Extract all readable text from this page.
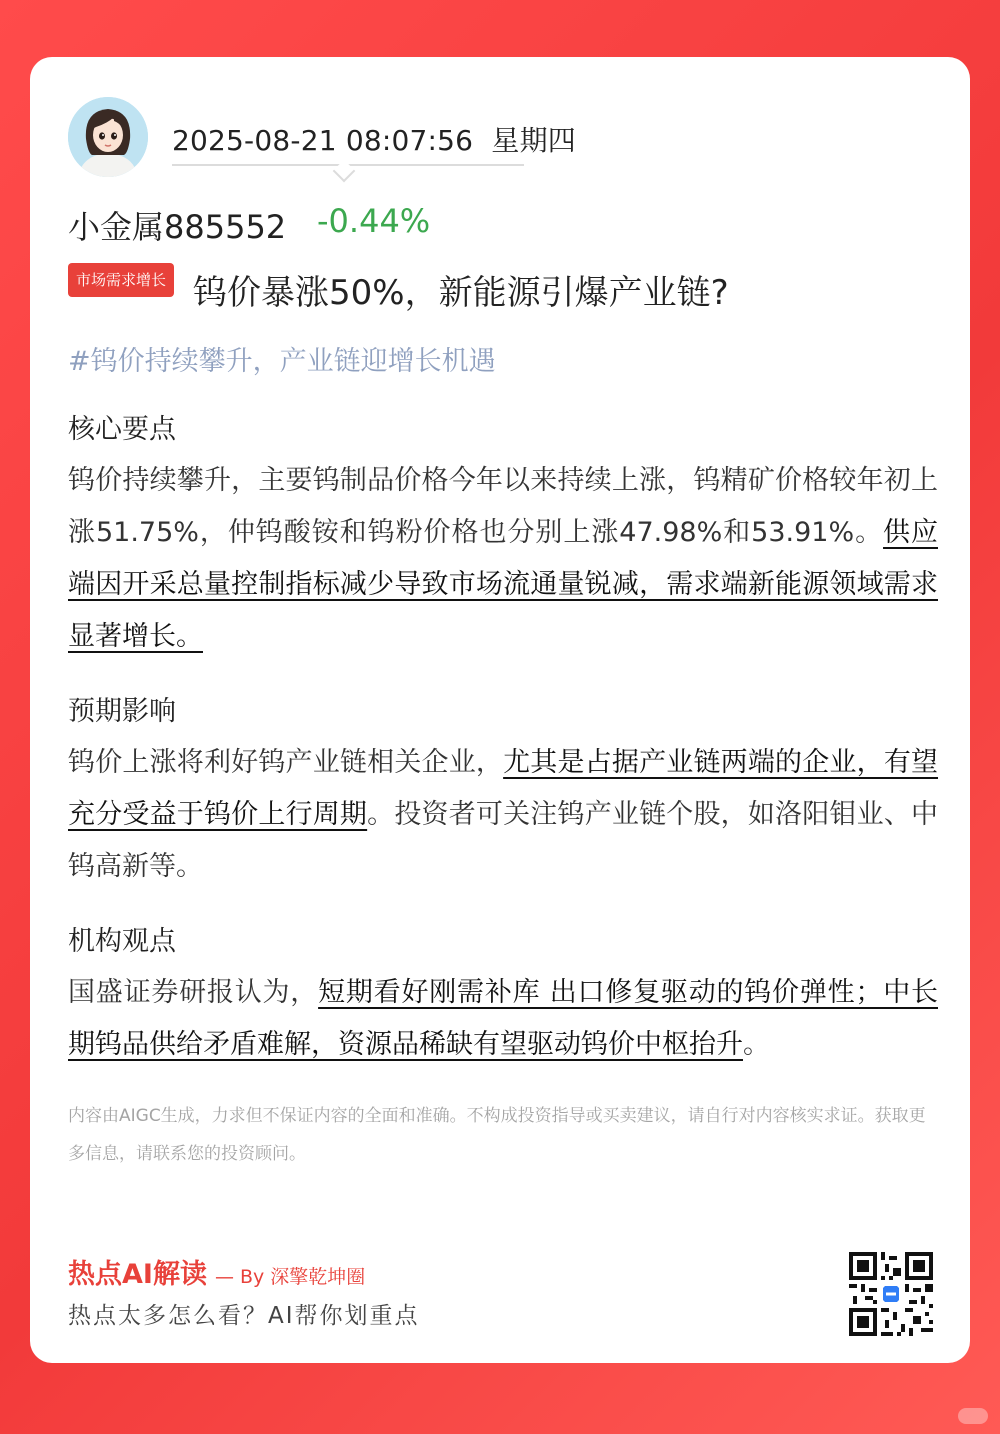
2025-08-21 08:07:56 星期四
小金属885552 -0.44%
市场需求增长 钨价暴涨50%，新能源引爆产业链?
#钨价持续攀升，产业链迎增长机遇
核心要点
钨价持续攀升，主要钨制品价格今年以来持续上涨，钨精矿价格较年初上涨51.75%，仲钨酸铵和钨粉价格也分别上涨47.98%和53.91%。供应端因开采总量控制指标减少导致市场流通量锐减，需求端新能源领域需求显著增长。
预期影响
钨价上涨将利好钨产业链相关企业，尤其是占据产业链两端的企业，有望充分受益于钨价上行周期。投资者可关注钨产业链个股，如洛阳钼业、中钨高新等。
机构观点
国盛证券研报认为，短期看好刚需补库 出口修复驱动的钨价弹性；中长期钨品供给矛盾难解，资源品稀缺有望驱动钨价中枢抬升。
内容由AIGC生成，力求但不保证内容的全面和准确。不构成投资指导或买卖建议，请自行对内容核实求证。获取更多信息，请联系您的投资顾问。
热点AI解读 — By 深擎乾坤圈
热点太多怎么看？AI帮你划重点
